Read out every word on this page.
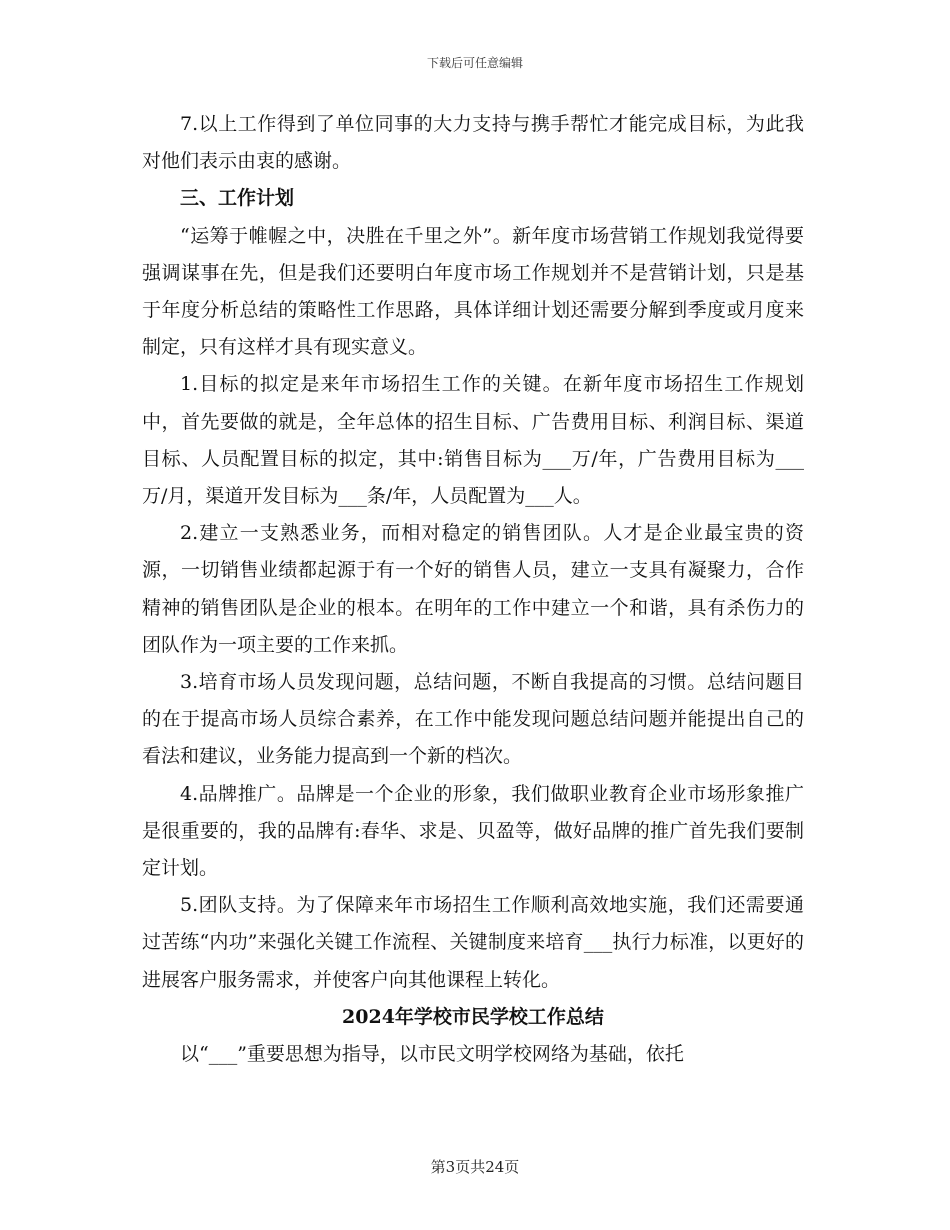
下载后可任意编辑

7.以上工作得到了单位同事的大力支持与携手帮忙才能完成目标，为此我对他们表示由衷的感谢。

三、工作计划

“运筹于帷幄之中，决胜在千里之外”。新年度市场营销工作规划我觉得要强调谋事在先，但是我们还要明白年度市场工作规划并不是营销计划，只是基于年度分析总结的策略性工作思路，具体详细计划还需要分解到季度或月度来制定，只有这样才具有现实意义。

1.目标的拟定是来年市场招生工作的关键。在新年度市场招生工作规划中，首先要做的就是，全年总体的招生目标、广告费用目标、利润目标、渠道目标、人员配置目标的拟定，其中:销售目标为___万/年，广告费用目标为___万/月，渠道开发目标为___条/年，人员配置为___人。

2.建立一支熟悉业务，而相对稳定的销售团队。人才是企业最宝贵的资源，一切销售业绩都起源于有一个好的销售人员，建立一支具有凝聚力，合作精神的销售团队是企业的根本。在明年的工作中建立一个和谐，具有杀伤力的团队作为一项主要的工作来抓。

3.培育市场人员发现问题，总结问题，不断自我提高的习惯。总结问题目的在于提高市场人员综合素养，在工作中能发现问题总结问题并能提出自己的看法和建议，业务能力提高到一个新的档次。

4.品牌推广。品牌是一个企业的形象，我们做职业教育企业市场形象推广是很重要的，我的品牌有:春华、求是、贝盈等，做好品牌的推广首先我们要制定计划。

5.团队支持。为了保障来年市场招生工作顺利高效地实施，我们还需要通过苦练“内功”来强化关键工作流程、关键制度来培育___执行力标准，以更好的进展客户服务需求，并使客户向其他课程上转化。

2024年学校市民学校工作总结

以“___”重要思想为指导，以市民文明学校网络为基础，依托

第3页共24页
